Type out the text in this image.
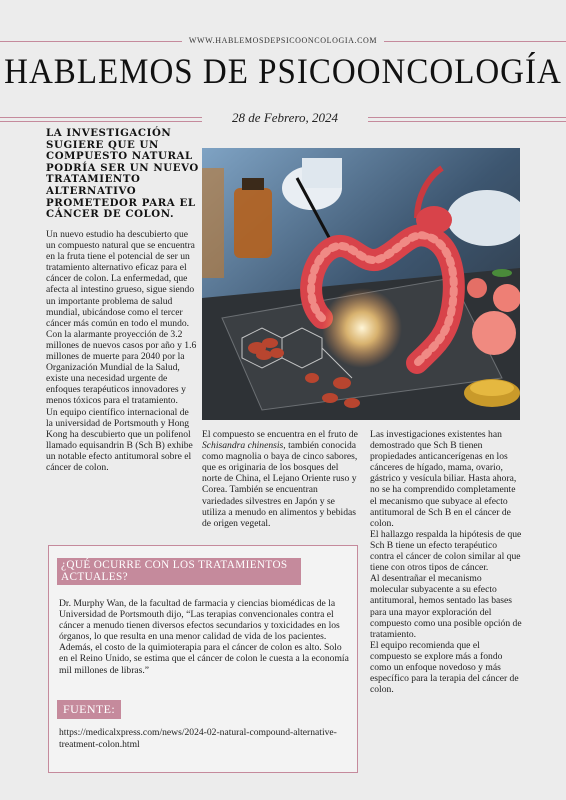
WWW.HABLEMOSDEPSICOONCOLOGIA.COM
HABLEMOS DE PSICOONCOLOGÍA
28 de Febrero, 2024
LA INVESTIGACIÓN SUGIERE QUE UN COMPUESTO NATURAL PODRÍA SER UN NUEVO TRATAMIENTO ALTERNATIVO PROMETEDOR PARA EL CÁNCER DE COLON.

Un nuevo estudio ha descubierto que un compuesto natural que se encuentra en la fruta tiene el potencial de ser un tratamiento alternativo eficaz para el cáncer de colon. La enfermedad, que afecta al intestino grueso, sigue siendo un importante problema de salud mundial, ubicándose como el tercer cáncer más común en todo el mundo.

Con la alarmante proyección de 3.2 millones de nuevos casos por año y 1.6 millones de muerte para 2040 por la Organización Mundial de la Salud, existe una necesidad urgente de enfoques terapéuticos innovadores y menos tóxicos para el tratamiento.

Un equipo científico internacional de la universidad de Portsmouth y Hong Kong ha descubierto que un polifenol llamado equisandrin B (Sch B) exhibe un notable efecto antitumoral sobre el cáncer de colon.

El compuesto se encuentra en el fruto de Schisandra chinensis, también conocida como magnolia o baya de cinco sabores, que es originaria de los bosques del norte de China, el Lejano Oriente ruso y Corea. También se encuentran variedades silvestres en Japón y se utiliza a menudo en alimentos y bebidas de origen vegetal.

Las investigaciones existentes han demostrado que Sch B tienen propiedades anticancerígenas en los cánceres de hígado, mama, ovario, gástrico y vesícula biliar. Hasta ahora, no se ha comprendido completamente el mecanismo que subyace al efecto antitumoral de Sch B en el cáncer de colon.

El hallazgo respalda la hipótesis de que Sch B tiene un efecto terapéutico contra el cáncer de colon similar al que tiene con otros tipos de cáncer.

Al desentrañar el mecanismo molecular subyacente a su efecto antitumoral, hemos sentado las bases para una mayor exploración del compuesto como una posible opción de tratamiento.

El equipo recomienda que el compuesto se explore más a fondo como un enfoque novedoso y más específico para la terapia del cáncer de colon.

¿QUÉ OCURRE CON LOS TRATAMIENTOS ACTUALES?

Dr. Murphy Wan, de la facultad de farmacia y ciencias biomédicas de la Universidad de Portsmouth dijo, “Las terapias convencionales contra el cáncer a menudo tienen diversos efectos secundarios y toxicidades en los órganos, lo que resulta en una menor calidad de vida de los pacientes.

Además, el costo de la quimioterapia para el cáncer de colon es alto. Solo en el Reino Unido, se estima que el cáncer de colon le cuesta a la economía mil millones de libras.”

FUENTE:
https://medicalxpress.com/news/2024-02-natural-compound-alternative-treatment-colon.html
